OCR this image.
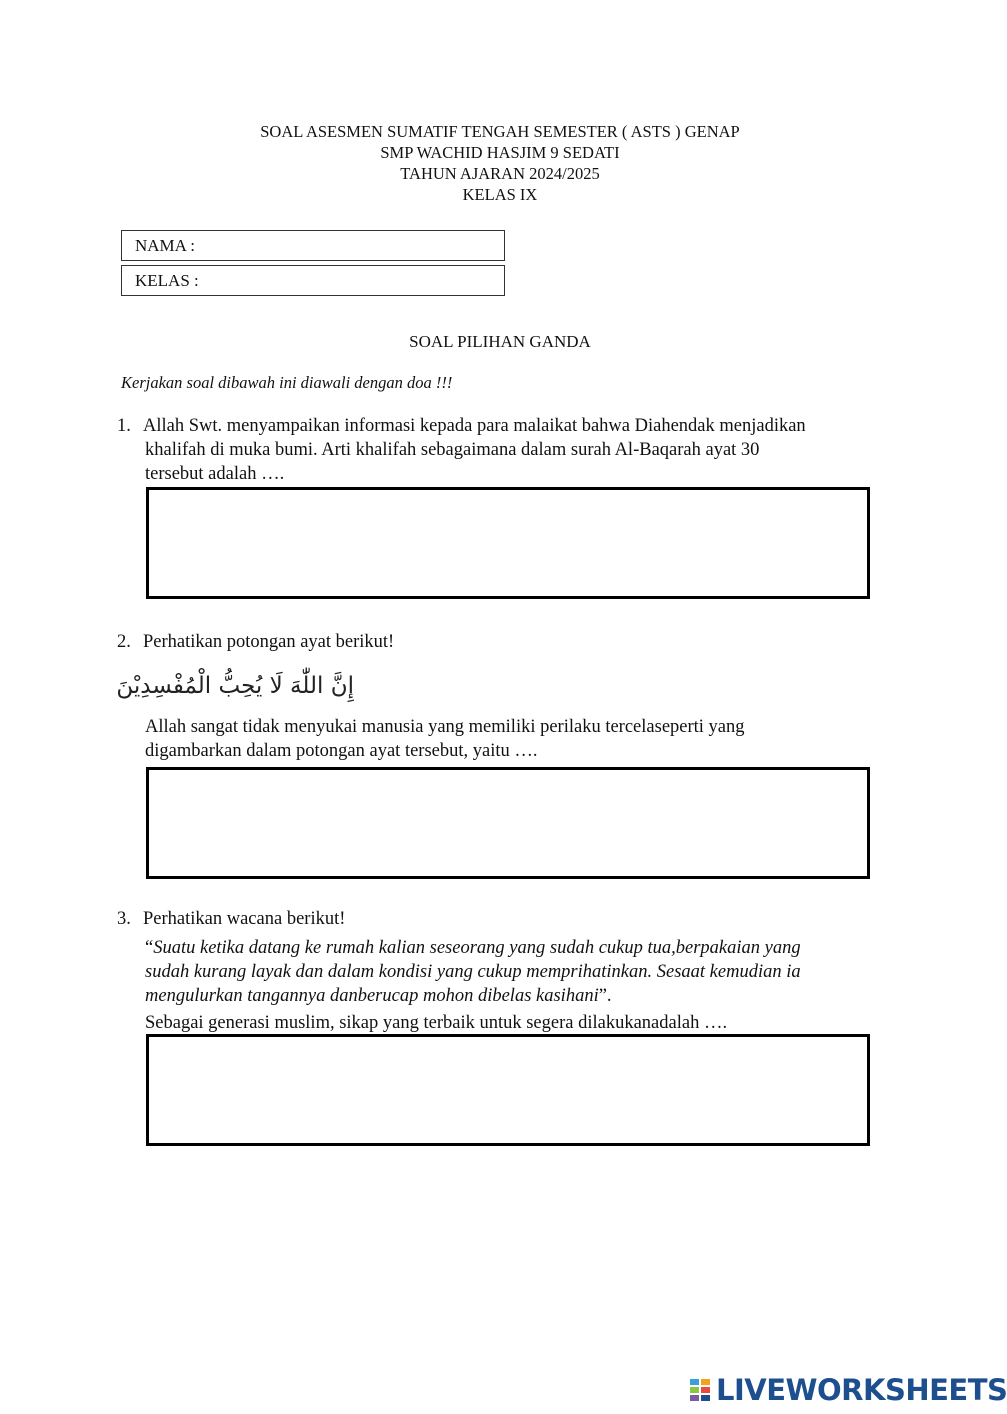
SOAL ASESMEN SUMATIF TENGAH SEMESTER ( ASTS ) GENAP
SMP WACHID HASJIM 9 SEDATI
TAHUN AJARAN 2024/2025
KELAS IX
NAMA :
KELAS :
SOAL PILIHAN GANDA
Kerjakan soal dibawah ini diawali dengan doa !!!
1. Allah Swt. menyampaikan informasi kepada para malaikat bahwa Diahendak menjadikan
khalifah di muka bumi. Arti khalifah sebagaimana dalam surah Al-Baqarah ayat 30
tersebut adalah ….
2. Perhatikan potongan ayat berikut!
إِنَّ اللّٰهَ لَا يُحِبُّ الْمُفْسِدِيْنَ
Allah sangat tidak menyukai manusia yang memiliki perilaku tercelaseperti yang
digambarkan dalam potongan ayat tersebut, yaitu ….
3. Perhatikan wacana berikut!
“Suatu ketika datang ke rumah kalian seseorang yang sudah cukup tua,berpakaian yang
sudah kurang layak dan dalam kondisi yang cukup memprihatinkan. Sesaat kemudian ia
mengulurkan tangannya danberucap mohon dibelas kasihani”.
Sebagai generasi muslim, sikap yang terbaik untuk segera dilakukanadalah ….
LIVEWORKSHEETS
